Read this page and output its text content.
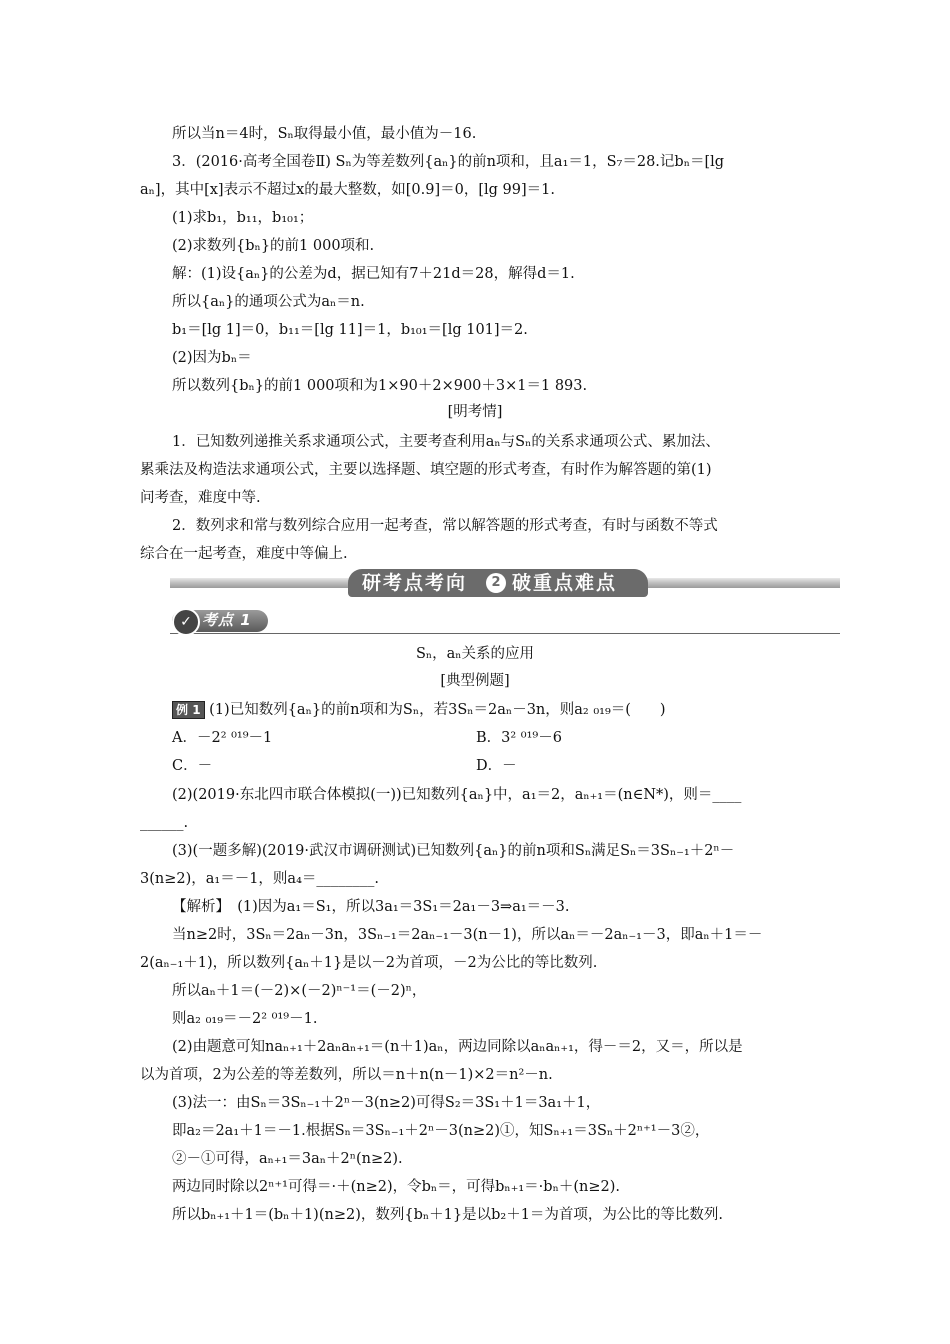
所以当n＝4时，Sₙ取得最小值，最小值为－16.
3．(2016·高考全国卷Ⅱ) Sₙ为等差数列{aₙ}的前n项和，且a₁＝1，S₇＝28.记bₙ＝[lg
aₙ]，其中[x]表示不超过x的最大整数，如[0.9]＝0，[lg 99]＝1.
(1)求b₁，b₁₁，b₁₀₁；
(2)求数列{bₙ}的前1 000项和.
解：(1)设{aₙ}的公差为d，据已知有7＋21d＝28，解得d＝1.
所以{aₙ}的通项公式为aₙ＝n.
b₁＝[lg 1]＝0，b₁₁＝[lg 11]＝1，b₁₀₁＝[lg 101]＝2.
(2)因为bₙ＝
所以数列{bₙ}的前1 000项和为1×90＋2×900＋3×1＝1 893.
[明考情]
1．已知数列递推关系求通项公式，主要考查利用aₙ与Sₙ的关系求通项公式、累加法、
累乘法及构造法求通项公式，主要以选择题、填空题的形式考查，有时作为解答题的第(1)
问考查，难度中等.
2．数列求和常与数列综合应用一起考查，常以解答题的形式考查，有时与函数不等式
综合在一起考查，难度中等偏上.
研考点考向	2 破重点难点
✓ 考点 1
Sₙ，aₙ关系的应用
[典型例题]
例 1 (1)已知数列{aₙ}的前n项和为Sₙ，若3Sₙ＝2aₙ－3n，则a₂ ₀₁₉＝(　　)
A．－2² ⁰¹⁹－1	B．3² ⁰¹⁹－6
C．－	D．－
(2)(2019·东北四市联合体模拟(一))已知数列{aₙ}中，a₁＝2，aₙ₊₁＝(n∈N*)，则＝____
______.
(3)(一题多解)(2019·武汉市调研测试)已知数列{aₙ}的前n项和Sₙ满足Sₙ＝3Sₙ₋₁＋2ⁿ－
3(n≥2)，a₁＝－1，则a₄＝________.
【解析】　(1)因为a₁＝S₁，所以3a₁＝3S₁＝2a₁－3⇒a₁＝－3.
当n≥2时，3Sₙ＝2aₙ－3n，3Sₙ₋₁＝2aₙ₋₁－3(n－1)，所以aₙ＝－2aₙ₋₁－3，即aₙ＋1＝－
2(aₙ₋₁＋1)，所以数列{aₙ＋1}是以－2为首项，－2为公比的等比数列.
所以aₙ＋1＝(－2)×(－2)ⁿ⁻¹＝(－2)ⁿ，
则a₂ ₀₁₉＝－2² ⁰¹⁹－1.
(2)由题意可知naₙ₊₁＋2aₙaₙ₊₁＝(n＋1)aₙ，两边同除以aₙaₙ₊₁，得－＝2，又＝，所以是
以为首项，2为公差的等差数列，所以＝n＋n(n－1)×2＝n²－n.
(3)法一：由Sₙ＝3Sₙ₋₁＋2ⁿ－3(n≥2)可得S₂＝3S₁＋1＝3a₁＋1，
即a₂＝2a₁＋1＝－1.根据Sₙ＝3Sₙ₋₁＋2ⁿ－3(n≥2)①，知Sₙ₊₁＝3Sₙ＋2ⁿ⁺¹－3②，
②－①可得，aₙ₊₁＝3aₙ＋2ⁿ(n≥2).
两边同时除以2ⁿ⁺¹可得＝·＋(n≥2)，令bₙ＝，可得bₙ₊₁＝·bₙ＋(n≥2).
所以bₙ₊₁＋1＝(bₙ＋1)(n≥2)，数列{bₙ＋1}是以b₂＋1＝为首项，为公比的等比数列.
